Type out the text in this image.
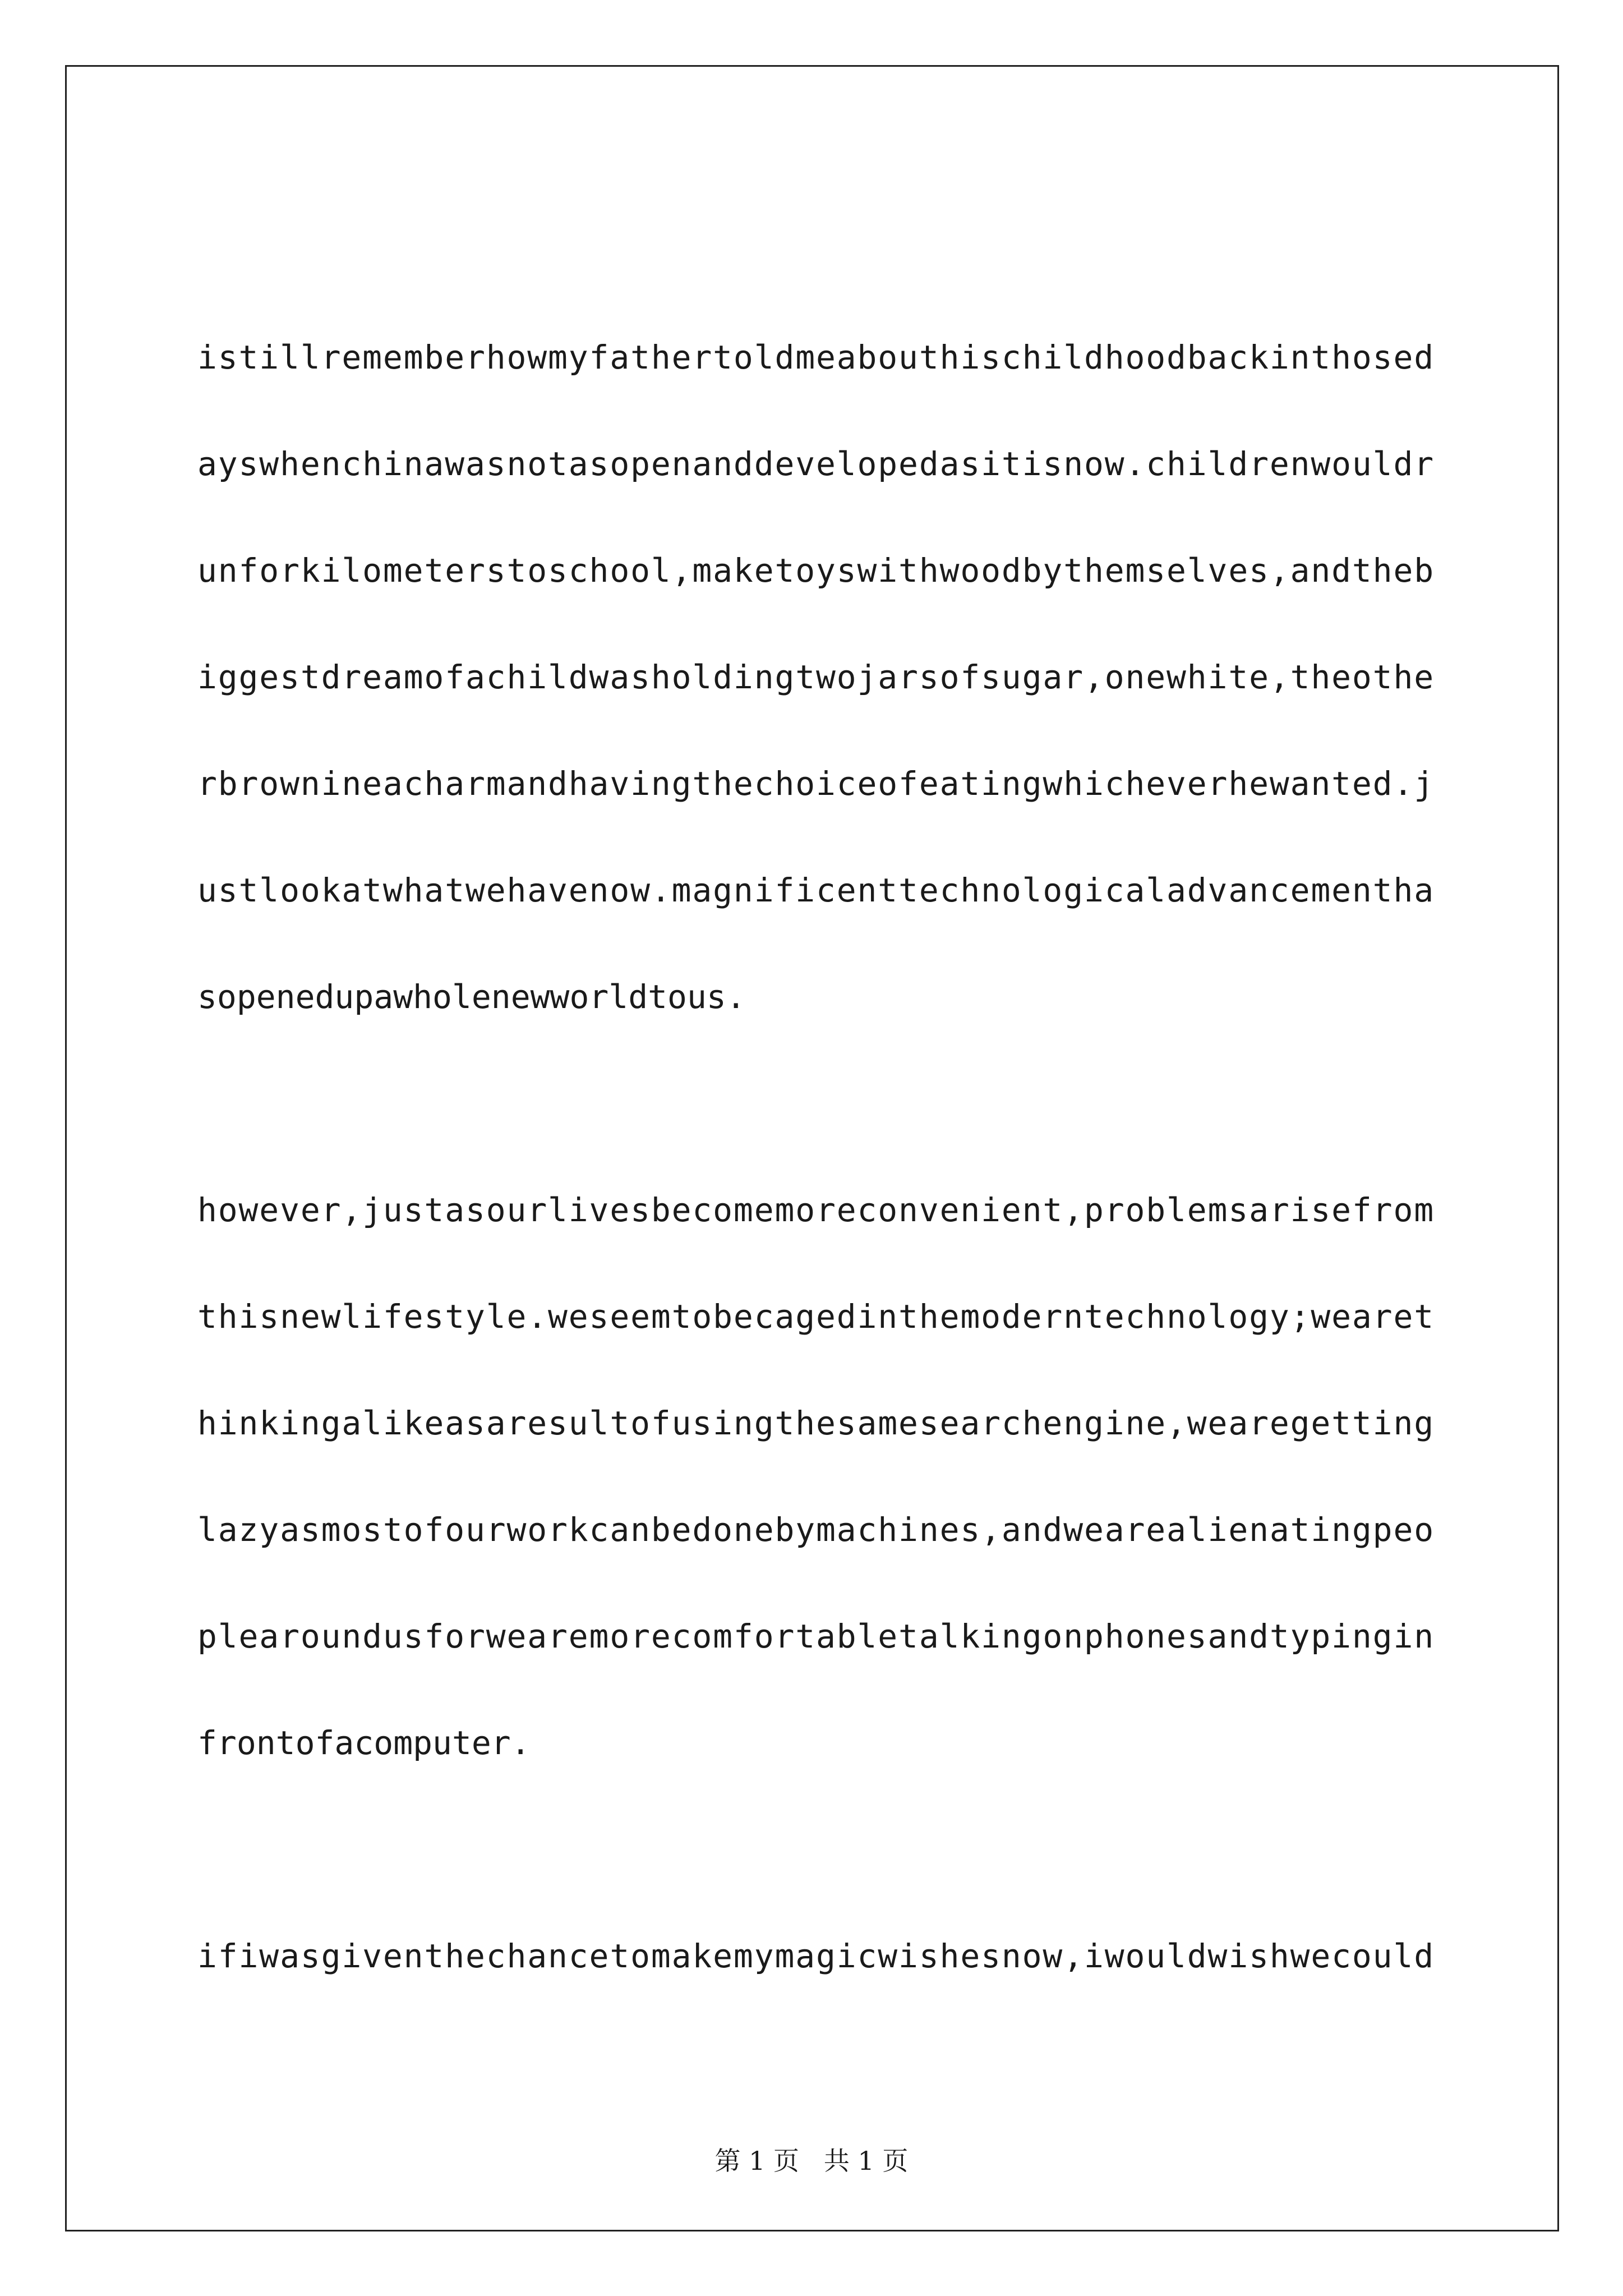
istillrememberhowmyfathertoldmeabouthischildhoodbackinthosed
ayswhenchinawasnotasopenanddevelopedasitisnow.childrenwouldr
unforkilometerstoschool,maketoyswithwoodbythemselves,andtheb
iggestdreamofachildwasholdingtwojarsofsugar,onewhite,theothe
rbrownineacharmandhavingthechoiceofeatingwhicheverhewanted.j
ustlookatwhatwehavenow.magnificenttechnologicaladvancementha
sopenedupawholenewworldtous.
however,justasourlivesbecomemoreconvenient,problemsarisefrom
thisnewlifestyle.weseemtobecagedinthemoderntechnology;wearet
hinkingalikeasaresultofusingthesamesearchengine,wearegetting
lazyasmostofourworkcanbedonebymachines,andwearealienatingpeo
plearoundusforwearemorecomfortabletalkingonphonesandtypingin
frontofacomputer.
ifiwasgiventhechancetomakemymagicwishesnow,iwouldwishwecould
第 1 页   共 1 页
